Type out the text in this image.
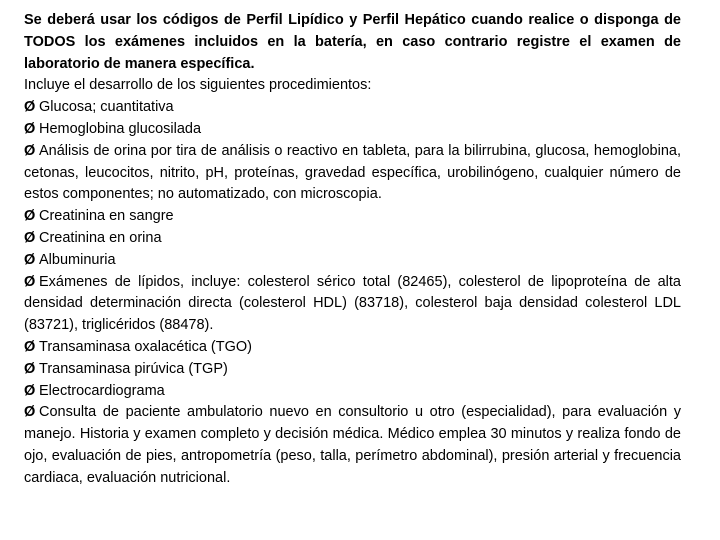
Se deberá usar los códigos de Perfil Lipídico y Perfil Hepático cuando realice o disponga de TODOS los exámenes incluidos en la batería, en caso contrario registre el examen de laboratorio de manera específica.

Incluye el desarrollo de los siguientes procedimientos:

Ø Glucosa; cuantitativa
Ø Hemoglobina glucosilada
Ø Análisis de orina por tira de análisis o reactivo en tableta, para la bilirrubina, glucosa, hemoglobina, cetonas, leucocitos, nitrito, pH, proteínas, gravedad específica, urobilinógeno, cualquier número de estos componentes; no automatizado, con microscopia.
Ø Creatinina en sangre
Ø Creatinina en orina
Ø Albuminuria
Ø Exámenes de lípidos, incluye: colesterol sérico total (82465), colesterol de lipoproteína de alta densidad determinación directa (colesterol HDL) (83718), colesterol baja densidad colesterol LDL (83721), triglicéridos (88478).
Ø Transaminasa oxalacética (TGO)
Ø Transaminasa pirúvica (TGP)
Ø Electrocardiograma
Ø Consulta de paciente ambulatorio nuevo en consultorio u otro (especialidad), para evaluación y manejo. Historia y examen completo y decisión médica. Médico emplea 30 minutos y realiza fondo de ojo, evaluación de pies, antropometría (peso, talla, perímetro abdominal), presión arterial y frecuencia cardiaca, evaluación nutricional.
